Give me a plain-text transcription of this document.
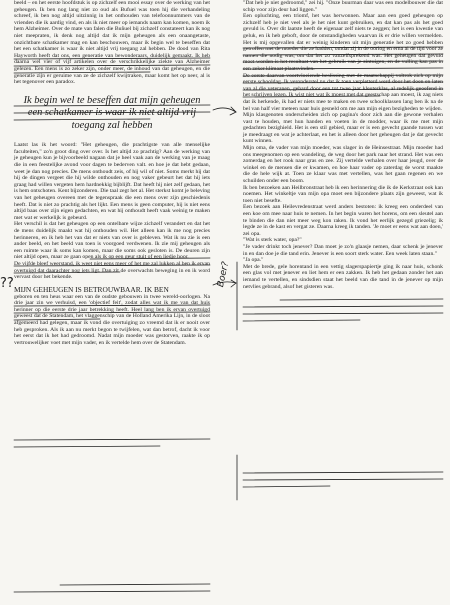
beeld – en het eerste hoofdstuk is op zichzelf een mooi essay over de werking van het geheugen. Ik ben nog lang niet zo oud als Bufuel was toen hij die verhandeling schreef, ik ben nog altijd uitzinnig in het onthouden van telefoonnummers van de vrienden die ik aardig vind, en als ik niet meer op iemands naam kan komen, noem ik hem Alzheimer. Over de mate van falen die Buñuel bij zichzelf constateert kan ik nog niet meepraten, ik denk nog altijd dat ik mijn geheugen als een onaangetaste, onzichtbare schatkamer mag en kan beschouwen, maar ik begin wel te beseffen dat het een schatkamer is waar ik niet altijd vrij toegang zal hebben. De dood van Rita Hayworth heeft dat ons, een generatie van bewonderaars, duidelijk gemaakt. Ik heb daarna wel vier of vijf artikelen over de verschrikkelijke ziekte van Alzheimer gelezen. Een mens is zo zeker zijn, onder meer, de inhoud van dat geheugen, en die generatie zijn er geruime van ze de zichzelf kwijtraken, maar komt het op neer, al is het tegenover een paradox.

Ik begin wel te beseffen dat mijn geheugen een schatkamer is waar ik niet altijd vrij toegang zal hebben

Laatst las ik het woord: "Het geheugen, die prachtigste van alle menselijke faculteiten," zo'n groot ding over over. Is het altijd zo prachtig? Aan de werking van je geheugen kun je bijvoorbeeld nagaan dat je heel vaak aan de werking van je maag die in een feestelijke avond voor dagen te bederven valt. en hoe je dat hebt gedaan, weet je dan nog precies. De mens onthoudt zeis, of hij wil of niet. Soms merkt hij dat hij de dingen vergeet die hij wilde onthouden en nog vaker gebeurt het dat hij iets graag had willen vergeten hem hardnekkig bijblijft. Dat heeft hij niet zelf gedaan, het is hem ontschoten. Kent bijzonderen. Die taal zegt het al. Het sterkst komt je beleving van het geheugen overeen met de tegenspraak die een mens over zijn geschiedenis heeft. Dat is niet zo prachtig als het lijkt. Een mens is geen computer, hij is niet eens altijd baas over zijn eigen gedachten, en wat hij onthoudt heeft vaak weinig te maken met wat er werkelijk is gebeurd.

Het verschil is dat het geheugen op een ontelbare wijze zichzelf verandert en dat het de mens duidelijk maakt wat hij onthouden wil. Het alleen kan ik me nog precies herinneren, en ik heb het van dat er niets van over is gebleven. Wat ik nu zie is een ander beeld, en het beeld van toen is voorgoed verdwenen. Ik zie mij geheugen als een ruimte waar ik soms kan komen, maar die soms ook gesloten is. De deuren zijn niet altijd open, maar ze gaan open als ik op een geur stuit of een liedje hoor.

De vijfde bleef weerstand, ik weet niet eens meer of het me zal lukken al ben ik ervan overtuigd dat daarachter nog iets ligt. Dan zit de overwachts beweging in en ik word vervast door het bekende.

MIJN GEHEUGEN IS BETROUWBAAR. IK BEN

geboren en ten heus waar een van de oudste gebouwen in twee wereld-oorlogen. Na drie jaar zin we verhuisd, een 'objectief feit', zodat alles wat ik me van dat huis herinner op die eerste drie jaar betrekking heeft. Heel lang ben ik ervan overtuigd geweest dat de Statendam, het vlaggenschip van de Holland Amerika Lijn, in de sloot afgemeerd had gelegen, maar ik vond die overtuiging zo vreemd dat ik er nooit over heb gesproken. Als ik aan nu merkt begon te twijfelen, wat dan betrof, dacht ik voor het eerst dat ik het had gedroomd. Nadat mijn moeder was gestorven, raakte ik op vertrouwelijker voet met mijn vader, en ik vertelde hem over de Statendam.

"Dat heb je niet gedroomd," zei hij. "Onze buurman daar was een modelbouwer die dat schip voor zijn deur had liggen."

Een opluchting, een triomf, het was herwonnen. Maar aan een goed geheugen op zichzelf heb je niet veel als je het niet kunt gebruiken, en dat kan pas als het goed gevuld is. Over dit laatste heeft de eigenaar zelf niets te zeggen; het is een kwestie van geluk, en ik heb geboft, door de omstandigheden waarvan ik er drie willen vermelden. Het is mij opgevallen dat er weinig kinderen uit mijn generatie het zo goed hebben getroffen met de moeder die ze hadden, omdat zij in de oorlog en erna al de tijd voor ze namen die nodig was, om dat het zo vanzelfsprekend was. Het geheugen dat gevuld moet worden is het resultaat van het gebruik van je zintuigen, en de vulling kan pas in een zeker klimaat plaatsvinden.

De eerste daarvan voortvloeiende beslissing met de maatschappij voltrok zich op mijn eerste schooldag. Ik veronderstel nu dat ik toen verpletterd werd door het doen en laten van al die veteranen, gehard door een tot twee jaar kleuterklas, al redelijk geoefend in het schrijven lezen. Ik wist niet wat ik moest met dat geestschap aan moest, ik zag niets dat ik herkende, ik had er niets mee te maken en twee schoolklassen lang ben ik na de bel van half vier meteen naar huis gesneld om me aan mijn eigen bezigheden te wijden.

Mijn klasgenoten onderscheiden zich op pagina's door zich aan die gewone verhalen vast te houden, met hun handen en voeten in de modder, waar ik me met mijn gedachten bezighield. Het is een stil gebied, maar er is een gevecht gaande tussen wat je meedraagt en wat je achterlaat, en het is alleen door het geheugen dat je dat gevecht kunt winnen.

Mijn oma, de vader van mijn moeder, was slager in de Heinsestraat. Mijn moeder had ons meegenomen op een wandeling, de weg door het park naar het strand. Het was een zomerdag en het rook naar gras en zee. Zij vertelde verhalen over haar jeugd, over de winkel en de mensen die er kwamen, en hoe haar vader op zaterdag de worst maakte die de hele wijk at. Toen ze klaar was met vertellen, was het gaan regenen en we schuilden onder een boom.

Ik ben bezoeken aan Heilbronstraat heb ik een herinnering die ik de Kerkstraat ook kan noemen. Het winkeltje van mijn opa moet een bijzondere plaats zijn geweest, wat ik toen niet besefte.

Een bezoek aan Heilevredenstraat werd anders bestoten: ik kreeg een onderdeel van een koe om mee naar huis te nemen. In het begin waren het horens, om een sleutel aan te binden die dan niet meer weg kon raken. Ik vond het eerlijk gezegd griezelig; ik legde ze in de kast en vergat ze. Daarna kreeg ik tanden. 'Je moet er eens wat aan doen,' zei opa.

"Wat is sterk water, opa?"

"Je vader drinkt toch jenever? Dan moet je zo'n glaasje nemen, daar schenk je jenever in en dan doe je die tand erin. Jenever is een soort sterk water. Een week laten staan."

"Ja opa."

Met de brede, gele horentand in een vettig slagerspapiertje ging ik naar huis, schonk een glas vol met jenever en liet hem er een zakken. Ik heb het gedaan zonder het aan iemand te vertellen, en sindsdien staat het beeld van die tand in de jenever op mijn netvlies gebrand, alsof het gisteren was.

Boer?
??
